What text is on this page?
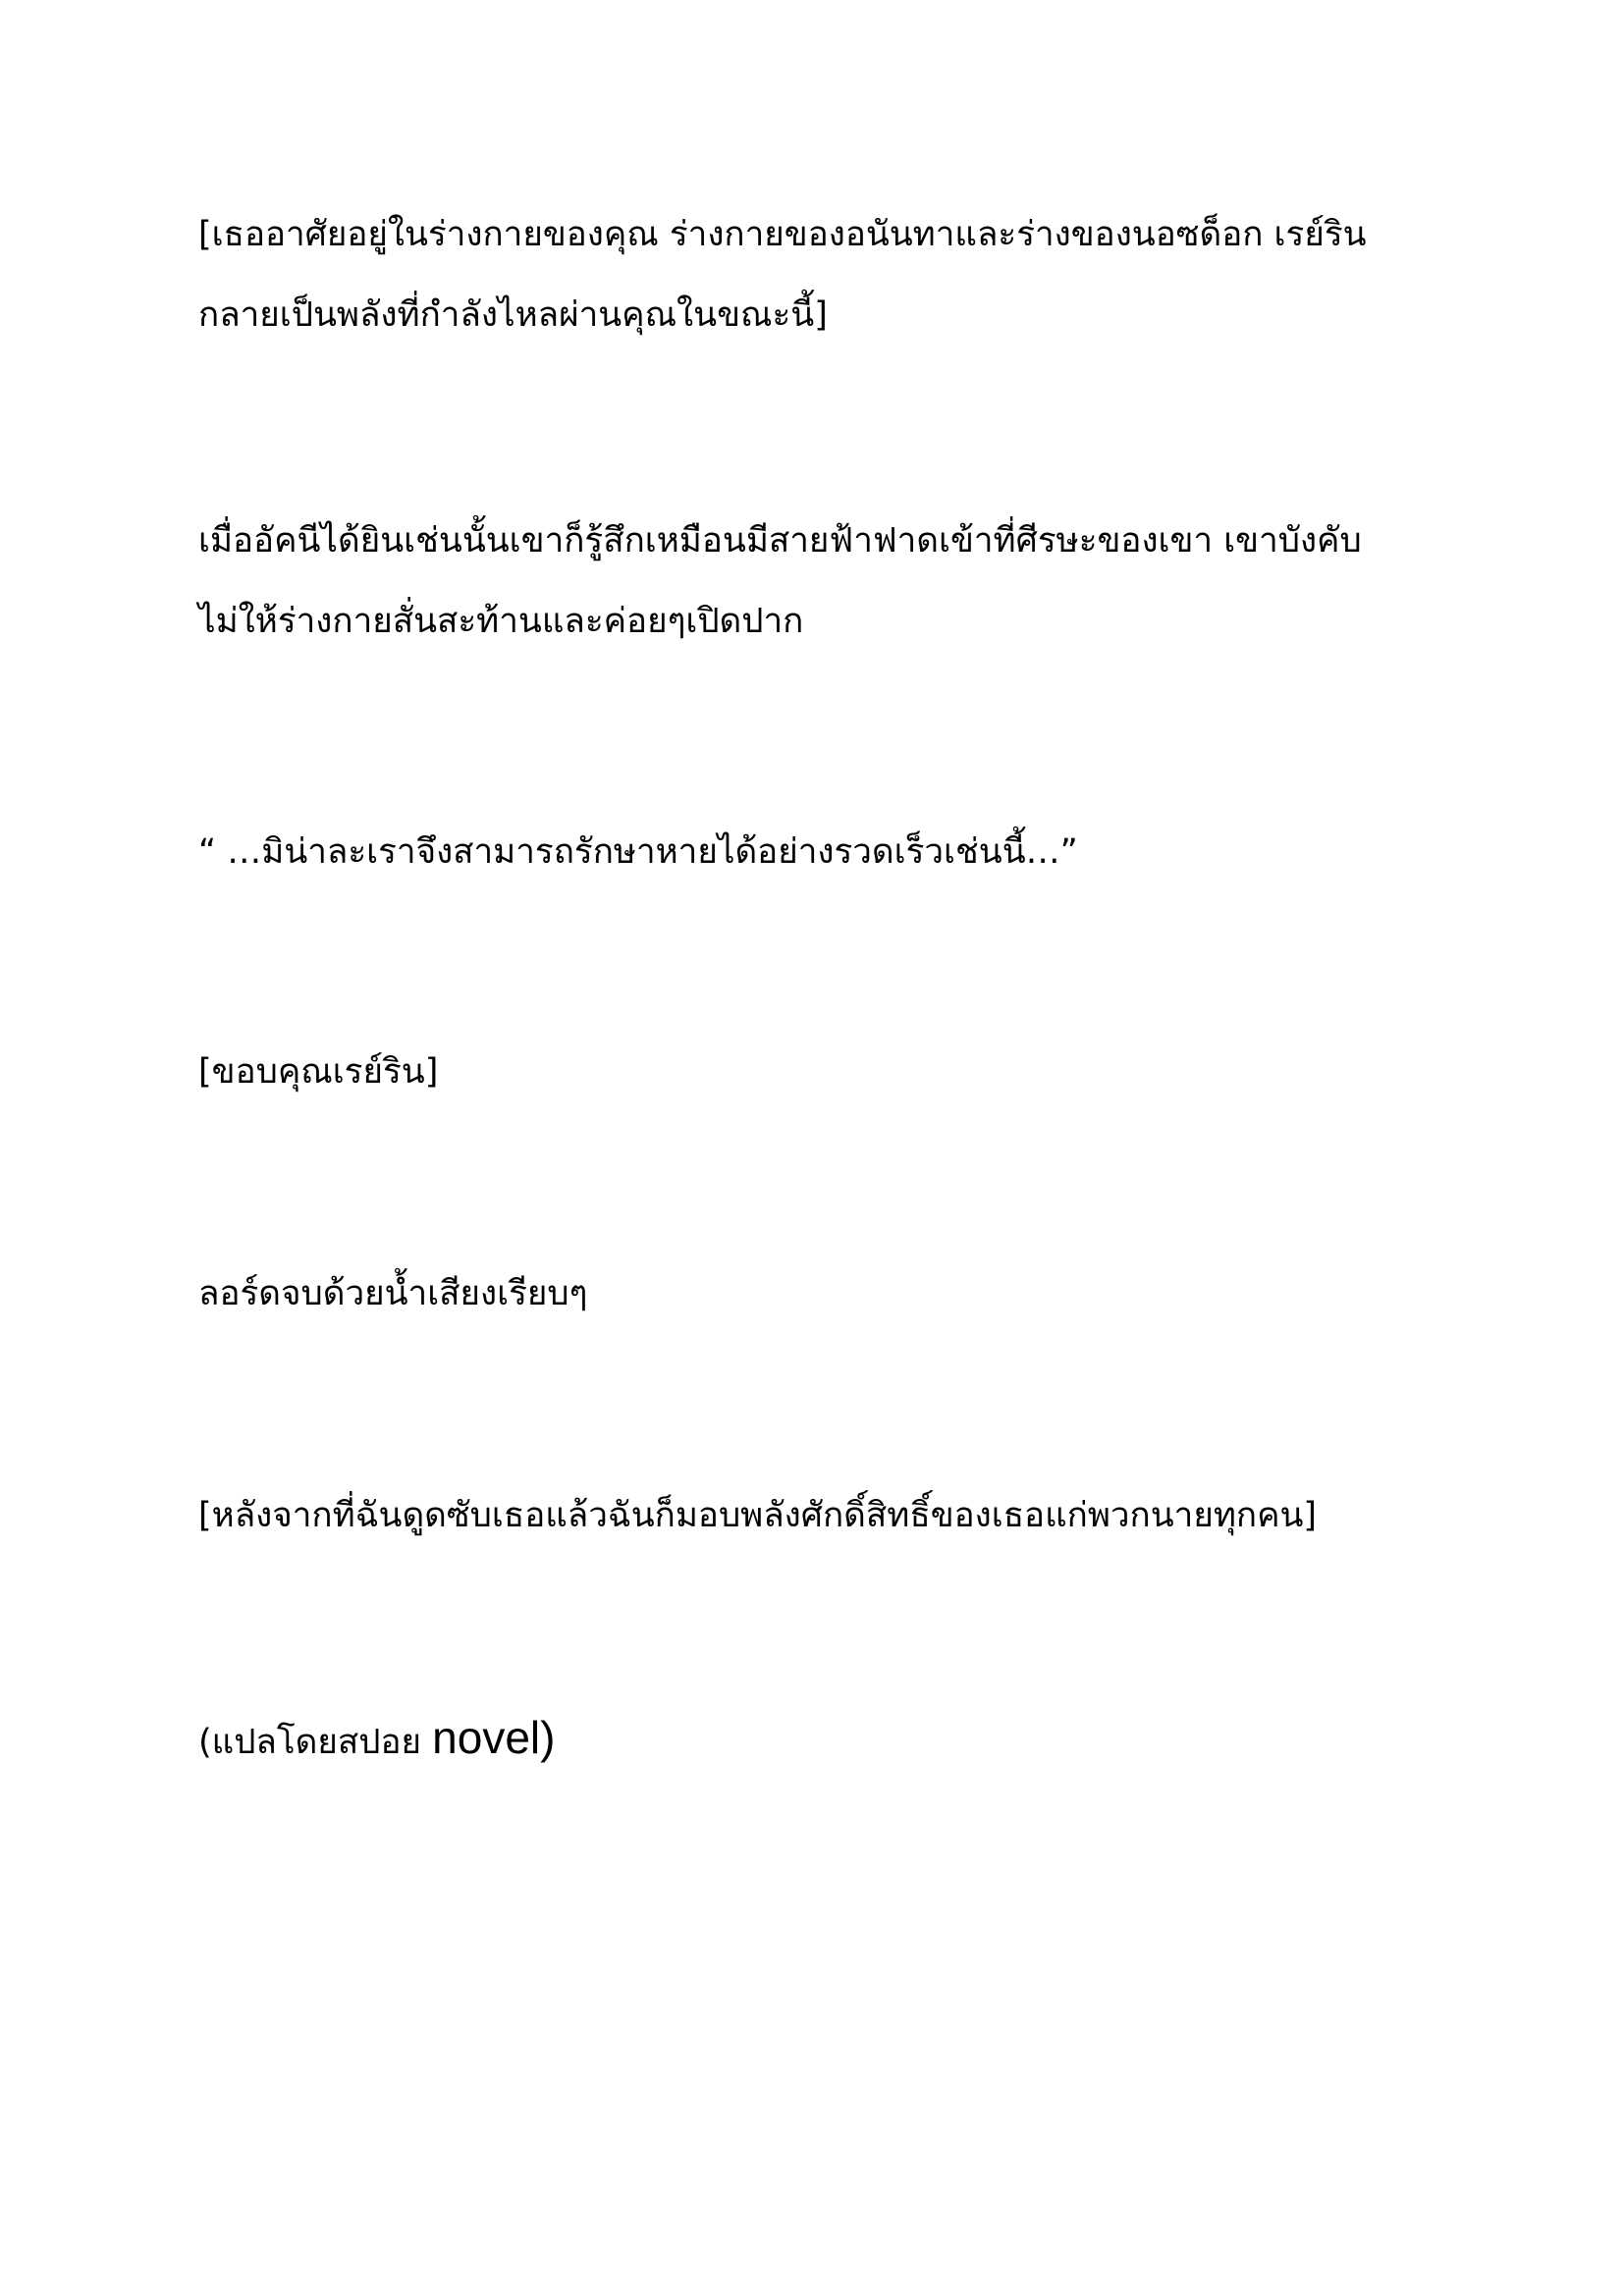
[เธออาศัยอยู่ในร่างกายของคุณ ร่างกายของอนันทาและร่างของนอซด็อก เรย์ริน
กลายเป็นพลังที่กำลังไหลผ่านคุณในขณะนี้]

เมื่ออัคนีได้ยินเช่นนั้นเขาก็รู้สึกเหมือนมีสายฟ้าฟาดเข้าที่ศีรษะของเขา เขาบังคับ
ไม่ให้ร่างกายสั่นสะท้านและค่อยๆเปิดปาก

“ …มิน่าละเราจึงสามารถรักษาหายได้อย่างรวดเร็วเช่นนี้…”

[ขอบคุณเรย์ริน]

ลอร์ดจบด้วยน้ำเสียงเรียบๆ

[หลังจากที่ฉันดูดซับเธอแล้วฉันก็มอบพลังศักดิ์สิทธิ์ของเธอแก่พวกนายทุกคน]

(แปลโดยสปอย novel)
